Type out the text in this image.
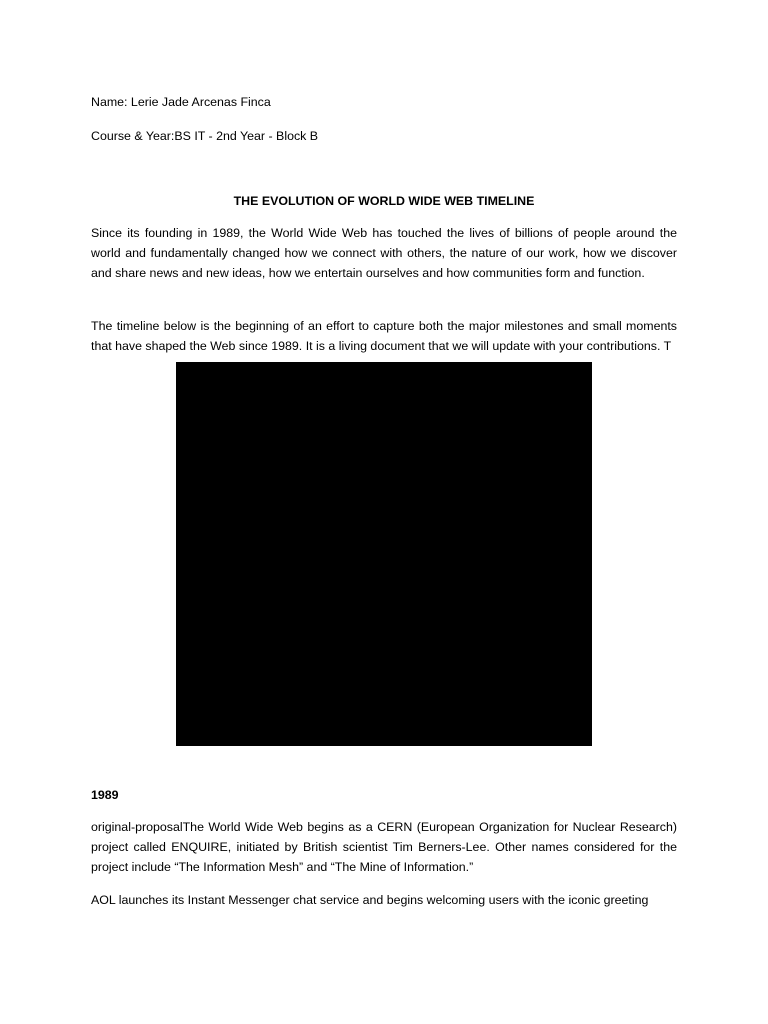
Name: Lerie Jade Arcenas Finca

Course & Year:BS IT - 2nd Year - Block B

THE EVOLUTION OF WORLD WIDE WEB TIMELINE

Since its founding in 1989, the World Wide Web has touched the lives of billions of people around the world and fundamentally changed how we connect with others, the nature of our work, how we discover and share news and new ideas, how we entertain ourselves and how communities form and function.

The timeline below is the beginning of an effort to capture both the major milestones and small moments that have shaped the Web since 1989. It is a living document that we will update with your contributions. T

1989

original-proposalThe World Wide Web begins as a CERN (European Organization for Nuclear Research) project called ENQUIRE, initiated by British scientist Tim Berners-Lee. Other names considered for the project include “The Information Mesh” and “The Mine of Information.”

AOL launches its Instant Messenger chat service and begins welcoming users with the iconic greeting
